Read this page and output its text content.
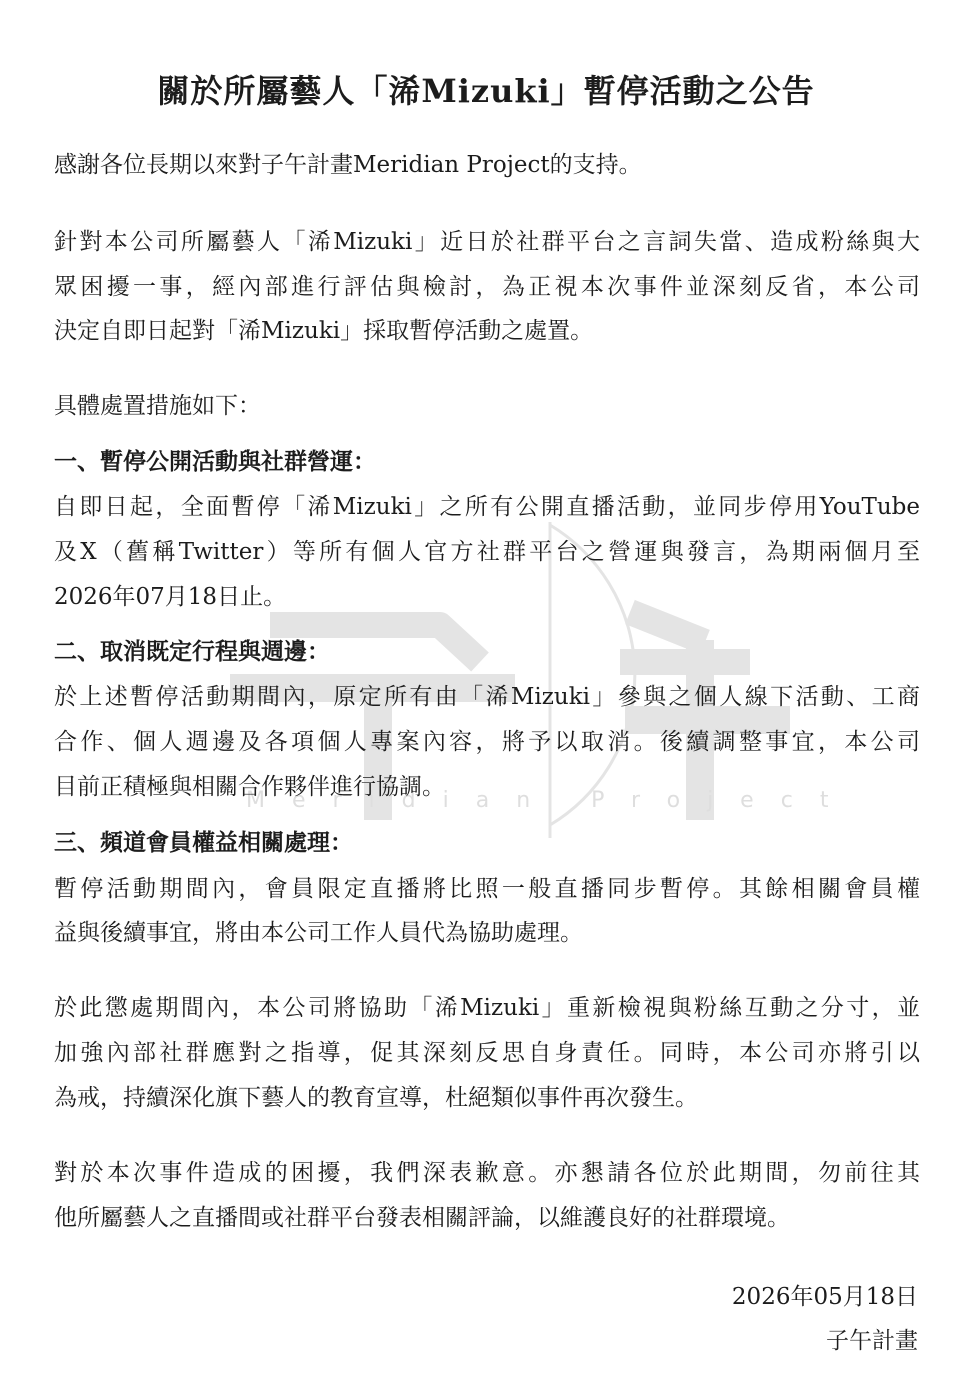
Meridian Project
關於所屬藝人「浠Mizuki」暫停活動之公告
感謝各位長期以來對子午計畫Meridian Project的支持。
針對本公司所屬藝人「浠Mizuki」近日於社群平台之言詞失當、造成粉絲與大
眾困擾一事，經內部進行評估與檢討，為正視本次事件並深刻反省，本公司
決定自即日起對「浠Mizuki」採取暫停活動之處置。
具體處置措施如下：
一、暫停公開活動與社群營運：
自即日起，全面暫停「浠Mizuki」之所有公開直播活動，並同步停用YouTube
及X（舊稱Twitter）等所有個人官方社群平台之營運與發言，為期兩個月至
2026年07月18日止。
二、取消既定行程與週邊：
於上述暫停活動期間內，原定所有由「浠Mizuki」參與之個人線下活動、工商
合作、個人週邊及各項個人專案內容，將予以取消。後續調整事宜，本公司
目前正積極與相關合作夥伴進行協調。
三、頻道會員權益相關處理：
暫停活動期間內，會員限定直播將比照一般直播同步暫停。其餘相關會員權
益與後續事宜，將由本公司工作人員代為協助處理。
於此懲處期間內，本公司將協助「浠Mizuki」重新檢視與粉絲互動之分寸，並
加強內部社群應對之指導，促其深刻反思自身責任。同時，本公司亦將引以
為戒，持續深化旗下藝人的教育宣導，杜絕類似事件再次發生。
對於本次事件造成的困擾，我們深表歉意。亦懇請各位於此期間，勿前往其
他所屬藝人之直播間或社群平台發表相關評論，以維護良好的社群環境。
2026年05月18日
子午計畫
